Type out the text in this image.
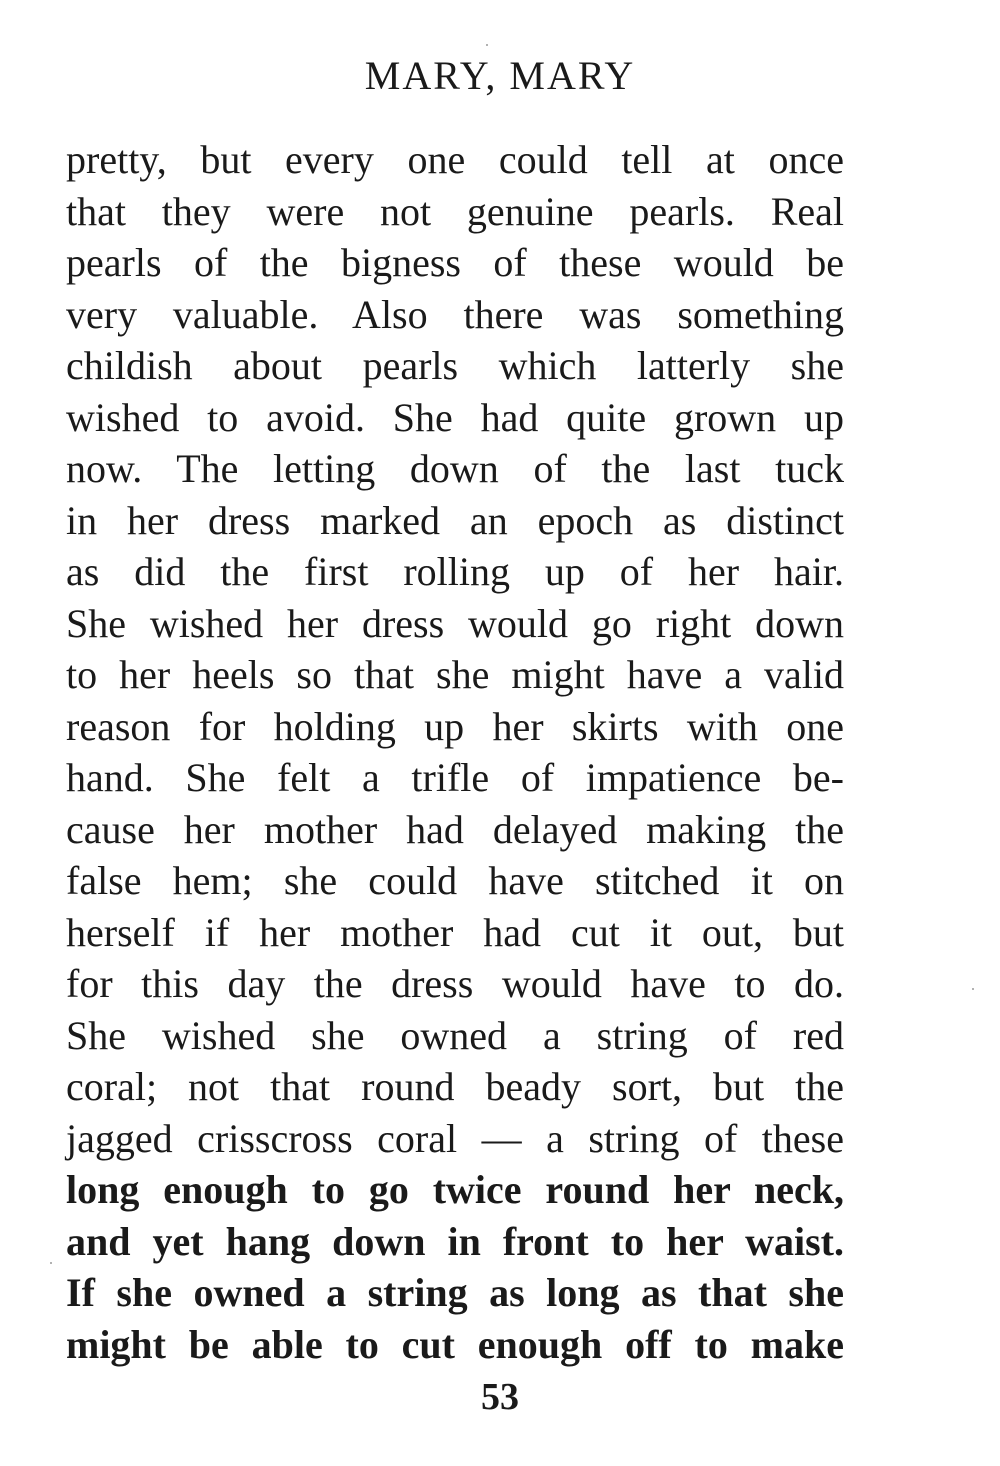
MARY, MARY
pretty, but every one could tell at once
that they were not genuine pearls. Real
pearls of the bigness of these would be
very valuable. Also there was something
childish about pearls which latterly she
wished to avoid. She had quite grown up
now. The letting down of the last tuck
in her dress marked an epoch as distinct
as did the first rolling up of her hair.
She wished her dress would go right down
to her heels so that she might have a valid
reason for holding up her skirts with one
hand. She felt a trifle of impatience be-
cause her mother had delayed making the
false hem; she could have stitched it on
herself if her mother had cut it out, but
for this day the dress would have to do.
She wished she owned a string of red
coral; not that round beady sort, but the
jagged crisscross coral — a string of these
long enough to go twice round her neck,
and yet hang down in front to her waist.
If she owned a string as long as that she
might be able to cut enough off to make
53
